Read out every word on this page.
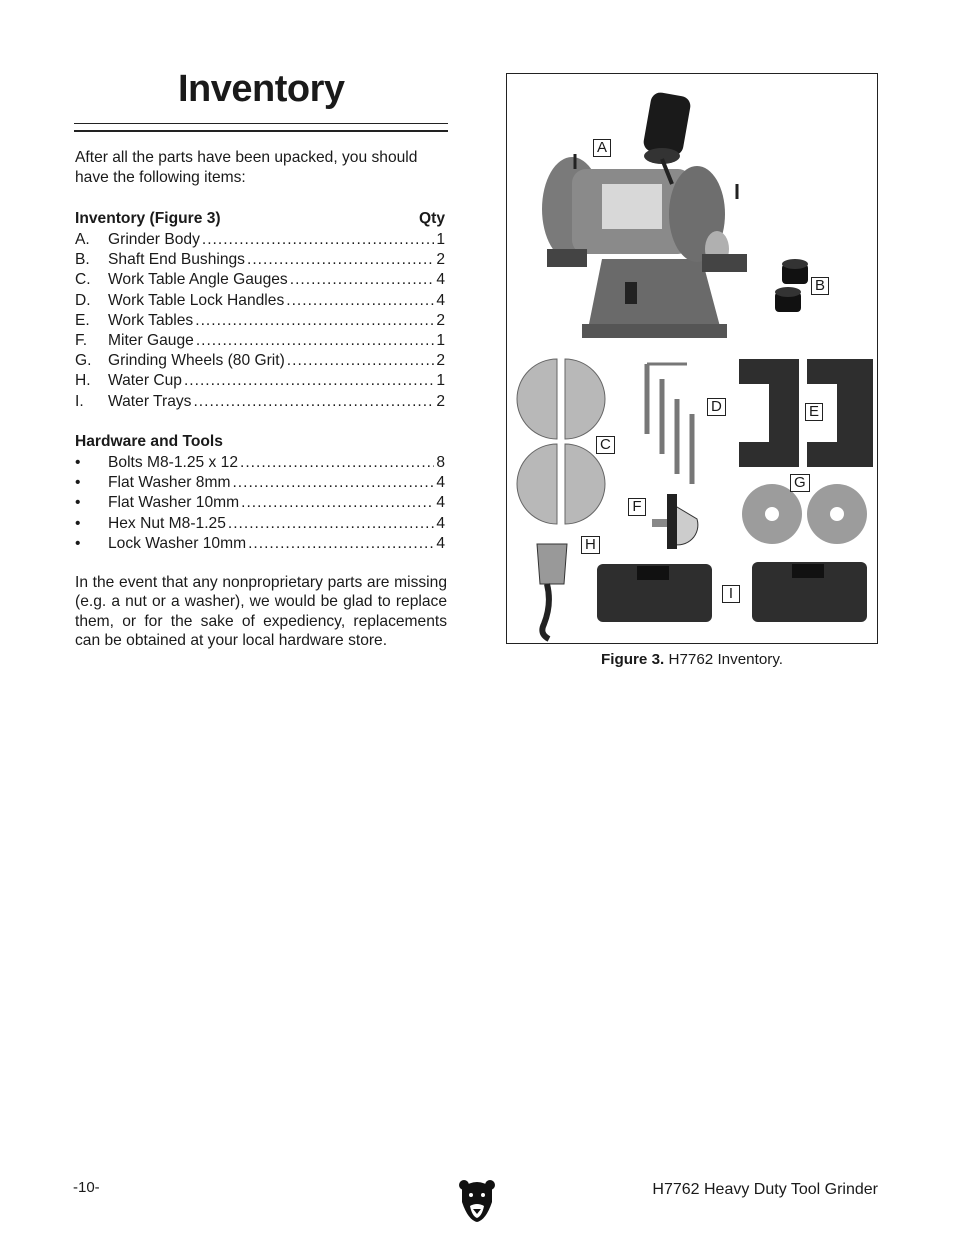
Inventory
After all the parts have been upacked, you should have the following items:
Inventory (Figure 3)	Qty
A.	Grinder Body .....	1
B.	Shaft End Bushings .....	2
C.	Work Table Angle Gauges .....	4
D.	Work Table Lock Handles .....	4
E.	Work Tables .....	2
F.	Miter Gauge .....	1
G.	Grinding Wheels (80 Grit) .....	2
H.	Water Cup .....	1
I.	Water Trays .....	2
Hardware and Tools
•	Bolts M8-1.25 x 12 .....	8
•	Flat Washer 8mm .....	4
•	Flat Washer 10mm .....	4
•	Hex Nut M8-1.25 .....	4
•	Lock Washer 10mm .....	4
In the event that any nonproprietary parts are missing (e.g. a nut or a washer), we would be glad to replace them, or for the sake of expediency, replacements can be obtained at your local hardware store.
A
B
C
D	E
F
G
H
I
Figure 3. H7762 Inventory.
-10-	H7762 Heavy Duty Tool Grinder
